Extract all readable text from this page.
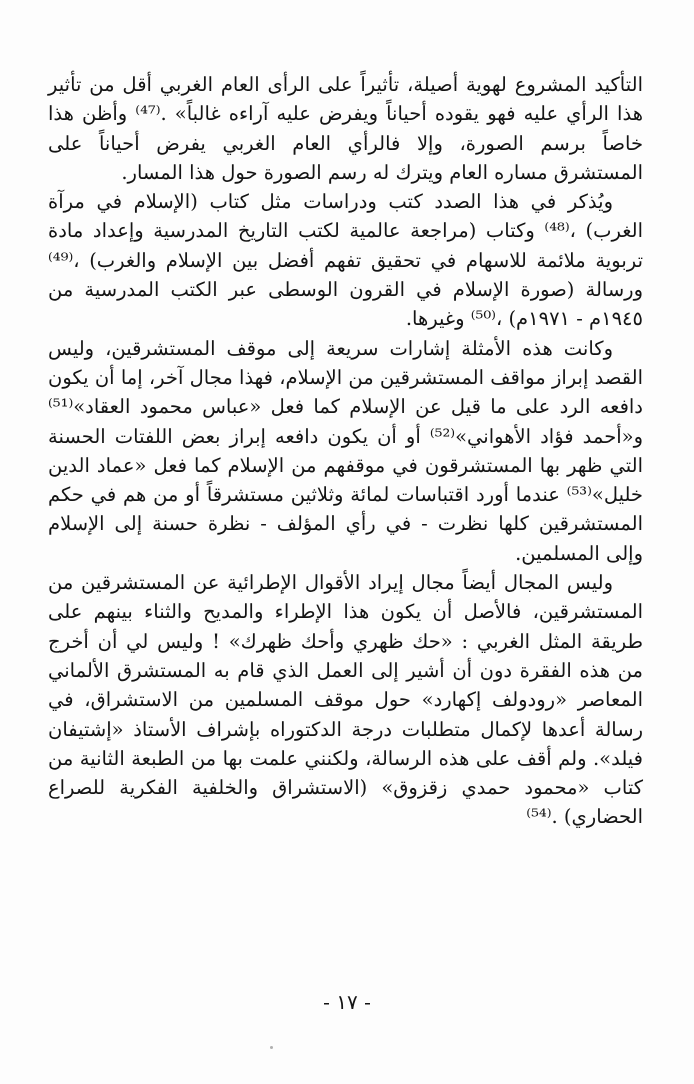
التأكيد المشروع لهوية أصيلة، تأثيراً على الرأى العام الغربي أقل من تأثير هذا الرأي عليه فهو يقوده أحياناً ويفرض عليه آراءه غالباً» .⁽⁴⁷⁾ وأظن هذا خاصاً برسم الصورة، وإلا فالرأي العام الغربي يفرض أحياناً على المستشرق مساره العام ويترك له رسم الصورة حول هذا المسار.

ويُذكر في هذا الصدد كتب ودراسات مثل كتاب (الإسلام في مرآة الغرب) ،⁽⁴⁸⁾ وكتاب (مراجعة عالمية لكتب التاريخ المدرسية وإعداد مادة تربوية ملائمة للاسهام في تحقيق تفهم أفضل بين الإسلام والغرب) ،⁽⁴⁹⁾ ورسالة (صورة الإسلام في القرون الوسطى عبر الكتب المدرسية من ١٩٤٥م - ١٩٧١م) ،⁽⁵⁰⁾ وغيرها.

وكانت هذه الأمثلة إشارات سريعة إلى موقف المستشرقين، وليس القصد إبراز مواقف المستشرقين من الإسلام، فهذا مجال آخر، إما أن يكون دافعه الرد على ما قيل عن الإسلام كما فعل «عباس محمود العقاد»⁽⁵¹⁾ و«أحمد فؤاد الأهواني»⁽⁵²⁾ أو أن يكون دافعه إبراز بعض اللفتات الحسنة التي ظهر بها المستشرقون في موقفهم من الإسلام كما فعل «عماد الدين خليل»⁽⁵³⁾ عندما أورد اقتباسات لمائة وثلاثين مستشرقاً أو من هم في حكم المستشرقين كلها نظرت - في رأي المؤلف - نظرة حسنة إلى الإسلام وإلى المسلمين.

وليس المجال أيضاً مجال إيراد الأقوال الإطرائية عن المستشرقين من المستشرقين، فالأصل أن يكون هذا الإطراء والمديح والثناء بينهم على طريقة المثل الغربي : «حك ظهري وأحك ظهرك» ! وليس لي أن أخرج من هذه الفقرة دون أن أشير إلى العمل الذي قام به المستشرق الألماني المعاصر «رودولف إكهارد» حول موقف المسلمين من الاستشراق، في رسالة أعدها لإكمال متطلبات درجة الدكتوراه بإشراف الأستاذ «إشتيفان فيلد». ولم أقف على هذه الرسالة، ولكنني علمت بها من الطبعة الثانية من كتاب «محمود حمدي زقزوق» (الاستشراق والخلفية الفكرية للصراع الحضاري) .⁽⁵⁴⁾

- ١٧ -
